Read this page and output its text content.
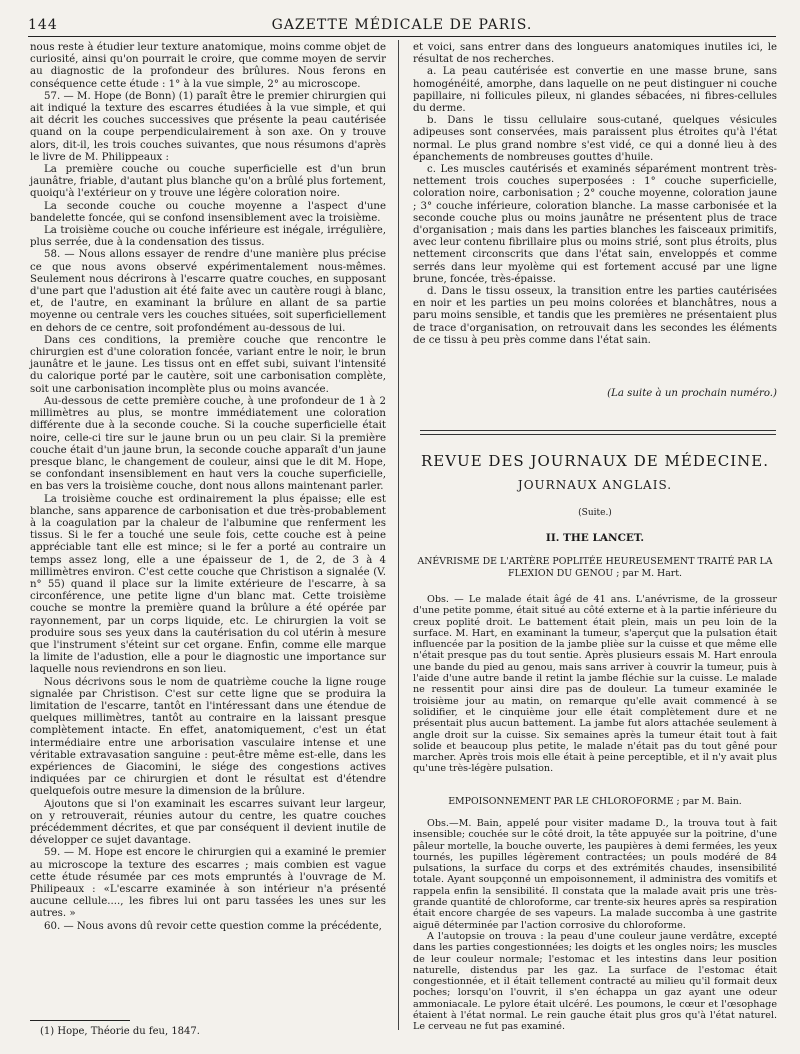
144	GAZETTE MÉDICALE DE PARIS.

nous reste à étudier leur texture anatomique, moins comme objet de curiosité, ainsi qu'on pourrait le croire, que comme moyen de servir au diagnostic de la profondeur des brûlures. Nous ferons en conséquence cette étude : 1° à la vue simple, 2° au microscope.

57. — M. Hope (de Bonn) (1) paraît être le premier chirurgien qui ait indiqué la texture des escarres étudiées à la vue simple, et qui ait décrit les couches successives que présente la peau cautérisée quand on la coupe perpendiculairement à son axe. On y trouve alors, dit-il, les trois couches suivantes, que nous résumons d'après le livre de M. Philippeaux :

La première couche ou couche superficielle est d'un brun jaunâtre, friable, d'autant plus blanche qu'on a brûlé plus fortement, quoiqu'à l'extérieur on y trouve une légère coloration noire.

La seconde couche ou couche moyenne a l'aspect d'une bandelette foncée, qui se confond insensiblement avec la troisième.

La troisième couche ou couche inférieure est inégale, irrégulière, plus serrée, due à la condensation des tissus.

58. — Nous allons essayer de rendre d'une manière plus précise ce que nous avons observé expérimentalement nous-mêmes. Seulement nous décrirons à l'escarre quatre couches, en supposant d'une part que l'adustion ait été faite avec un cautère rougi à blanc, et, de l'autre, en examinant la brûlure en allant de sa partie moyenne ou centrale vers les couches situées, soit superficiellement en dehors de ce centre, soit profondément au-dessous de lui.

Dans ces conditions, la première couche que rencontre le chirurgien est d'une coloration foncée, variant entre le noir, le brun jaunâtre et le jaune. Les tissus ont en effet subi, suivant l'intensité du calorique porté par le cautère, soit une carbonisation complète, soit une carbonisation incomplète plus ou moins avancée.

Au-dessous de cette première couche, à une profondeur de 1 à 2 millimètres au plus, se montre immédiatement une coloration différente due à la seconde couche. Si la couche superficielle était noire, celle-ci tire sur le jaune brun ou un peu clair. Si la première couche était d'un jaune brun, la seconde couche apparaît d'un jaune presque blanc, le changement de couleur, ainsi que le dit M. Hope, se confondant insensiblement en haut vers la couche superficielle, en bas vers la troisième couche, dont nous allons maintenant parler.

La troisième couche est ordinairement la plus épaisse; elle est blanche, sans apparence de carbonisation et due très-probablement à la coagulation par la chaleur de l'albumine que renferment les tissus. Si le fer a touché une seule fois, cette couche est à peine appréciable tant elle est mince; si le fer a porté au contraire un temps assez long, elle a une épaisseur de 1, de 2, de 3 à 4 millimètres environ. C'est cette couche que Christison a signalée (V. n° 55) quand il place sur la limite extérieure de l'escarre, à sa circonférence, une petite ligne d'un blanc mat. Cette troisième couche se montre la première quand la brûlure a été opérée par rayonnement, par un corps liquide, etc. Le chirurgien la voit se produire sous ses yeux dans la cautérisation du col utérin à mesure que l'instrument s'éteint sur cet organe. Enfin, comme elle marque la limite de l'adustion, elle a pour le diagnostic une importance sur laquelle nous reviendrons en son lieu.

Nous décrivons sous le nom de quatrième couche la ligne rouge signalée par Christison. C'est sur cette ligne que se produira la limitation de l'escarre, tantôt en l'intéressant dans une étendue de quelques millimètres, tantôt au contraire en la laissant presque complètement intacte. En effet, anatomiquement, c'est un état intermédiaire entre une arborisation vasculaire intense et une véritable extravasation sanguine : peut-être même est-elle, dans les expériences de Giacomini, le siége des congestions actives indiquées par ce chirurgien et dont le résultat est d'étendre quelquefois outre mesure la dimension de la brûlure.

Ajoutons que si l'on examinait les escarres suivant leur largeur, on y retrouverait, réunies autour du centre, les quatre couches précédemment décrites, et que par conséquent il devient inutile de développer ce sujet davantage.

59. — M. Hope est encore le chirurgien qui a examiné le premier au microscope la texture des escarres ; mais combien est vague cette étude résumée par ces mots empruntés à l'ouvrage de M. Philipeaux : «L'escarre examinée à son intérieur n'a présenté aucune cellule...., les fibres lui ont paru tassées les unes sur les autres. »

60. — Nous avons dû revoir cette question comme la précédente,

(1) Hope, Théorie du feu, 1847.

et voici, sans entrer dans des longueurs anatomiques inutiles ici, le résultat de nos recherches.

a. La peau cautérisée est convertie en une masse brune, sans homogénéité, amorphe, dans laquelle on ne peut distinguer ni couche papillaire, ni follicules pileux, ni glandes sébacées, ni fibres-cellules du derme.

b. Dans le tissu cellulaire sous-cutané, quelques vésicules adipeuses sont conservées, mais paraissent plus étroites qu'à l'état normal. Le plus grand nombre s'est vidé, ce qui a donné lieu à des épanchements de nombreuses gouttes d'huile.

c. Les muscles cautérisés et examinés séparément montrent très-nettement trois couches superposées : 1° couche superficielle, coloration noire, carbonisation ; 2° couche moyenne, coloration jaune ; 3° couche inférieure, coloration blanche. La masse carbonisée et la seconde couche plus ou moins jaunâtre ne présentent plus de trace d'organisation ; mais dans les parties blanches les faisceaux primitifs, avec leur contenu fibrillaire plus ou moins strié, sont plus étroits, plus nettement circonscrits que dans l'état sain, enveloppés et comme serrés dans leur myolème qui est fortement accusé par une ligne brune, foncée, très-épaisse.

d. Dans le tissu osseux, la transition entre les parties cautérisées en noir et les parties un peu moins colorées et blanchâtres, nous a paru moins sensible, et tandis que les premières ne présentaient plus de trace d'organisation, on retrouvait dans les secondes les éléments de ce tissu à peu près comme dans l'état sain.

(La suite à un prochain numéro.)
REVUE DES JOURNAUX DE MÉDECINE.
JOURNAUX ANGLAIS.
(Suite.)
II. THE LANCET.
ANÉVRISME DE L'ARTÈRE POPLITÉE HEUREUSEMENT TRAITÉ PAR LA FLEXION DU GENOU ; par M. Hart.

Obs. — Le malade était âgé de 41 ans. L'anévrisme, de la grosseur d'une petite pomme, était situé au côté externe et à la partie inférieure du creux poplité droit. Le battement était plein, mais un peu loin de la surface. M. Hart, en examinant la tumeur, s'aperçut que la pulsation était influencée par la position de la jambe plièe sur la cuisse et que même elle n'était presque pas du tout sentie. Après plusieurs essais M. Hart enroula une bande du pied au genou, mais sans arriver à couvrir la tumeur, puis à l'aide d'une autre bande il retint la jambe fléchie sur la cuisse. Le malade ne ressentit pour ainsi dire pas de douleur. La tumeur examinée le troisième jour au matin, on remarque qu'elle avait commencé à se solidifier, et le cinquième jour elle était complètement dure et ne présentait plus aucun battement. La jambe fut alors attachée seulement à angle droit sur la cuisse. Six semaines après la tumeur était tout à fait solide et beaucoup plus petite, le malade n'était pas du tout gêné pour marcher. Après trois mois elle était à peine perceptible, et il n'y avait plus qu'une très-légère pulsation.

EMPOISONNEMENT PAR LE CHLOROFORME ; par M. Bain.

Obs.—M. Bain, appelé pour visiter madame D., la trouva tout à fait insensible; couchée sur le côté droit, la tête appuyée sur la poitrine, d'une pâleur mortelle, la bouche ouverte, les paupières à demi fermées, les yeux tournés, les pupilles légèrement contractées; un pouls modéré de 84 pulsations, la surface du corps et des extrémités chaudes, insensibilité totale. Ayant soupçonné un empoisonnement, il administra des vomitifs et rappela enfin la sensibilité. Il constata que la malade avait pris une très-grande quantité de chloroforme, car trente-six heures après sa respiration était encore chargée de ses vapeurs. La malade succomba à une gastrite aiguë déterminée par l'action corrosive du chloroforme.

A l'autopsie on trouva : la peau d'une couleur jaune verdâtre, excepté dans les parties congestionnées; les doigts et les ongles noirs; les muscles de leur couleur normale; l'estomac et les intestins dans leur position naturelle, distendus par les gaz. La surface de l'estomac était congestionnée, et il était tellement contracté au milieu qu'il formait deux poches; lorsqu'on l'ouvrit, il s'en échappa un gaz ayant une odeur ammoniacale. Le pylore était ulcéré. Les poumons, le cœur et l'œsophage étaient à l'état normal. Le rein gauche était plus gros qu'à l'état naturel. Le cerveau ne fut pas examiné.
